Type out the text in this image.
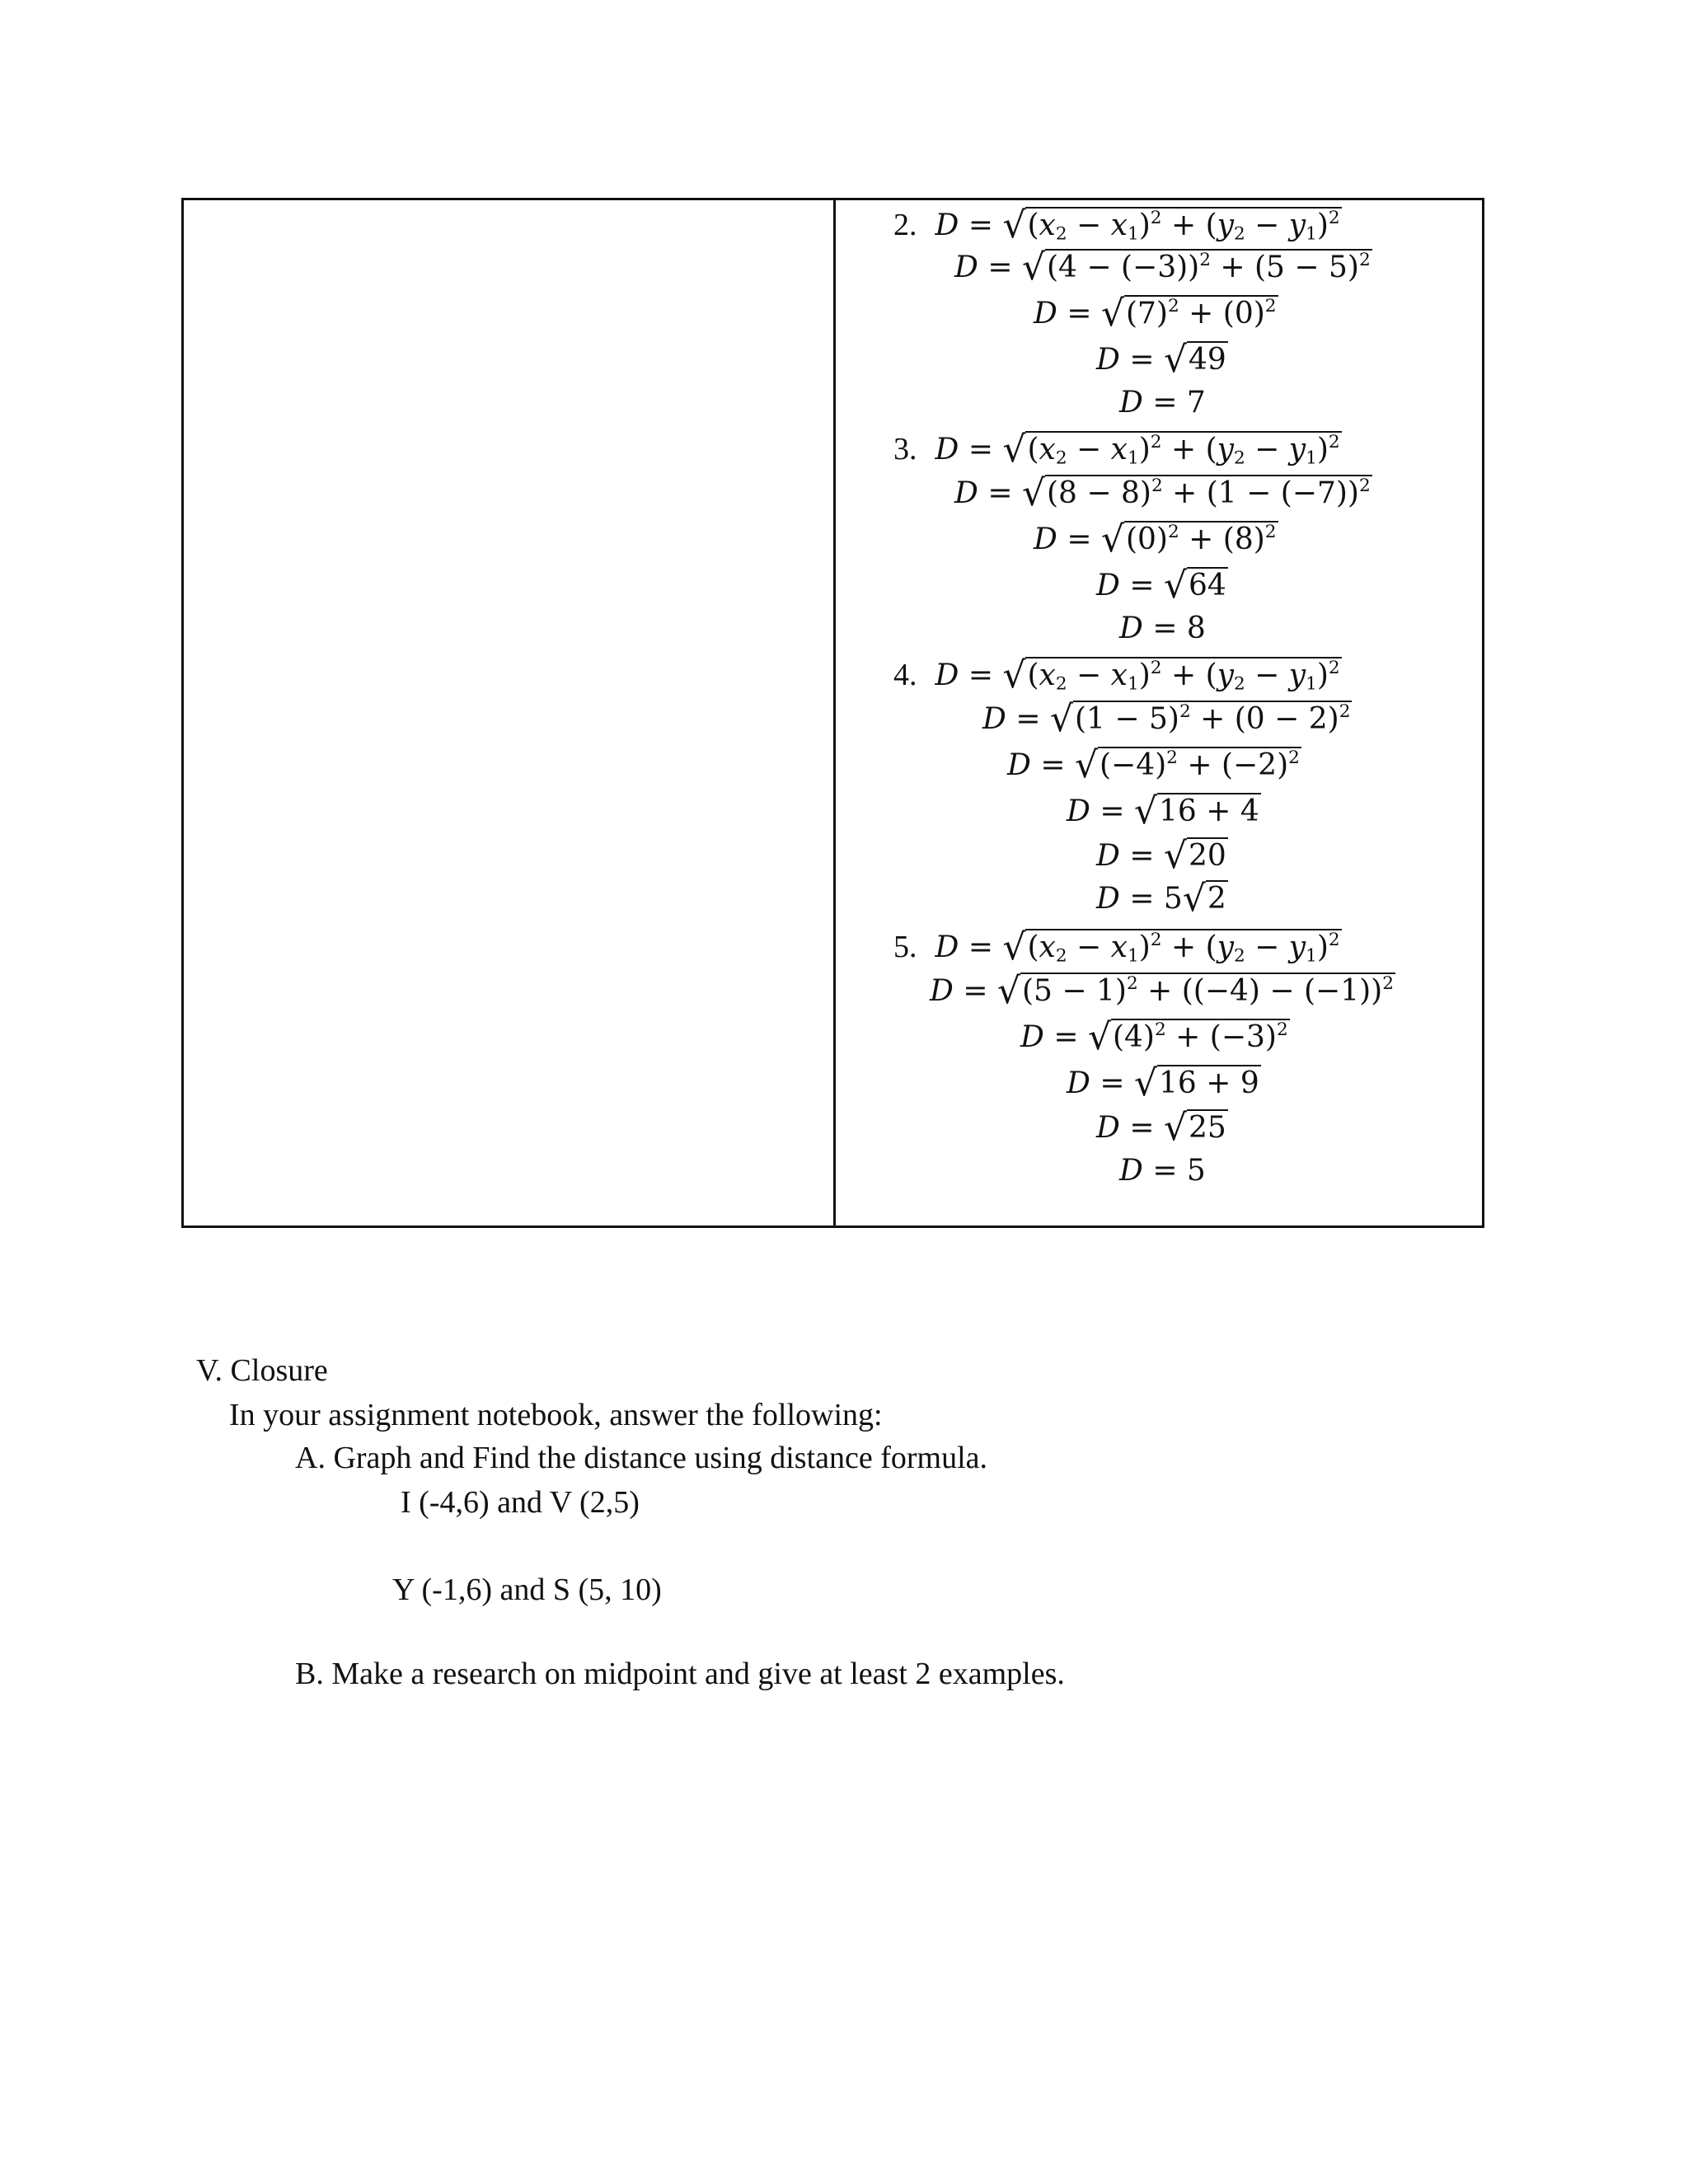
2. $D = √(x_2 - x_1)^2 + (y_2 - y_1)^2$
$D = √(4 - (-3))^2 + (5 - 5)^2$
$D = √(7)^2 + (0)^2$
D = √49
D = 7
3. $D = √(x_2 - x_1)^2 + (y_2 - y_1)^2$
$D = √(8 - 8)^2 + (1 - (-7))^2$
$D = √(0)^2 + (8)^2$
D = √64
D = 8
4. $D = √(x_2 - x_1)^2 + (y_2 - y_1)^2$
$D = √(1 - 5)^2 + (0 - 2)^2$
$D = √(-4)^2 + (-2)^2$
D = √16 + 4
D = √20
D = 5√2
5. $D = √(x_2 - x_1)^2 + (y_2 - y_1)^2$
$D = √(5 - 1)^2 + ((-4) - (-1))^2$
$D = √(4)^2 + (-3)^2$
D = √16 + 9
D = √25
D = 5
V. Closure
In your assignment notebook, answer the following:
A. Graph and Find the distance using distance formula.
I (-4,6) and V (2,5)
Y (-1,6) and S (5, 10)
B. Make a research on midpoint and give at least 2 examples.
